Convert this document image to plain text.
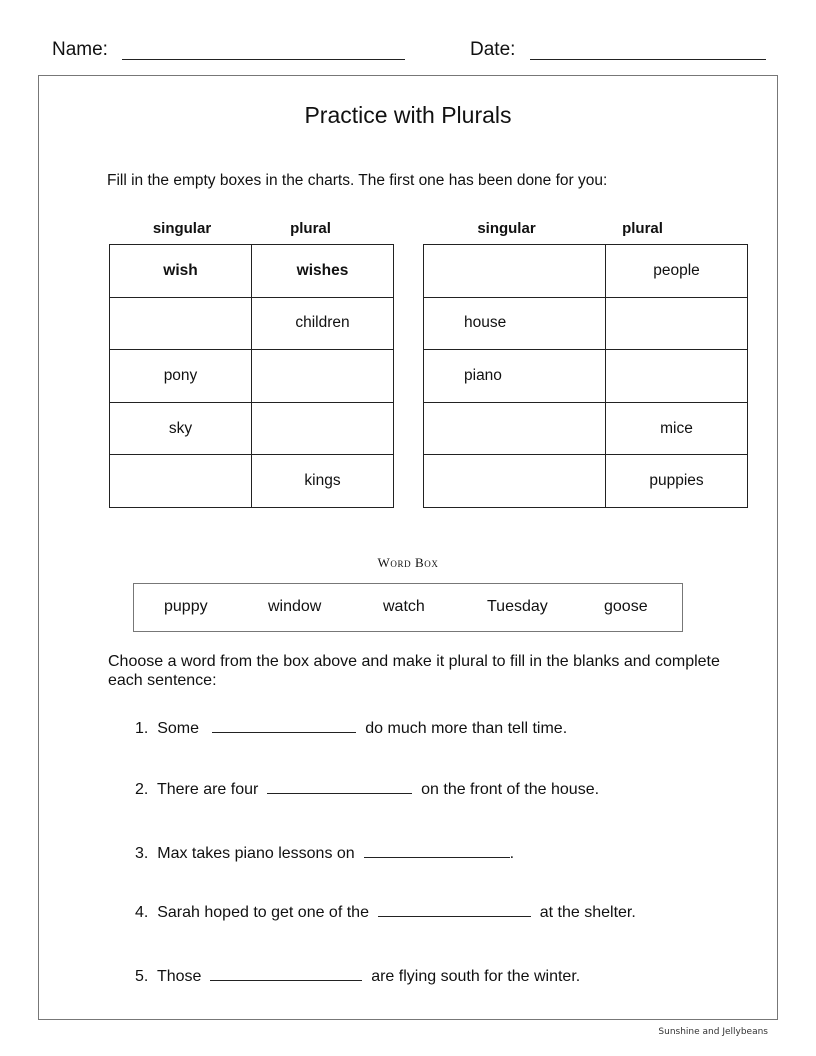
Name:	Date:
Practice with Plurals
Fill in the empty boxes in the charts. The first one has been done for you:
singular	plural	singular	plural
wish	wishes
	children
pony	
sky	
	kings
	people
house	
piano	
	mice
	puppies
Word Box
puppy	window	watch	Tuesday	goose
Choose a word from the box above and make it plural to fill in the blanks and complete each sentence:
1. Some	do much more than tell time.
2. There are four	on the front of the house.
3. Max takes piano lessons on	.
4. Sarah hoped to get one of the	at the shelter.
5. Those	are flying south for the winter.
Sunshine and Jellybeans
